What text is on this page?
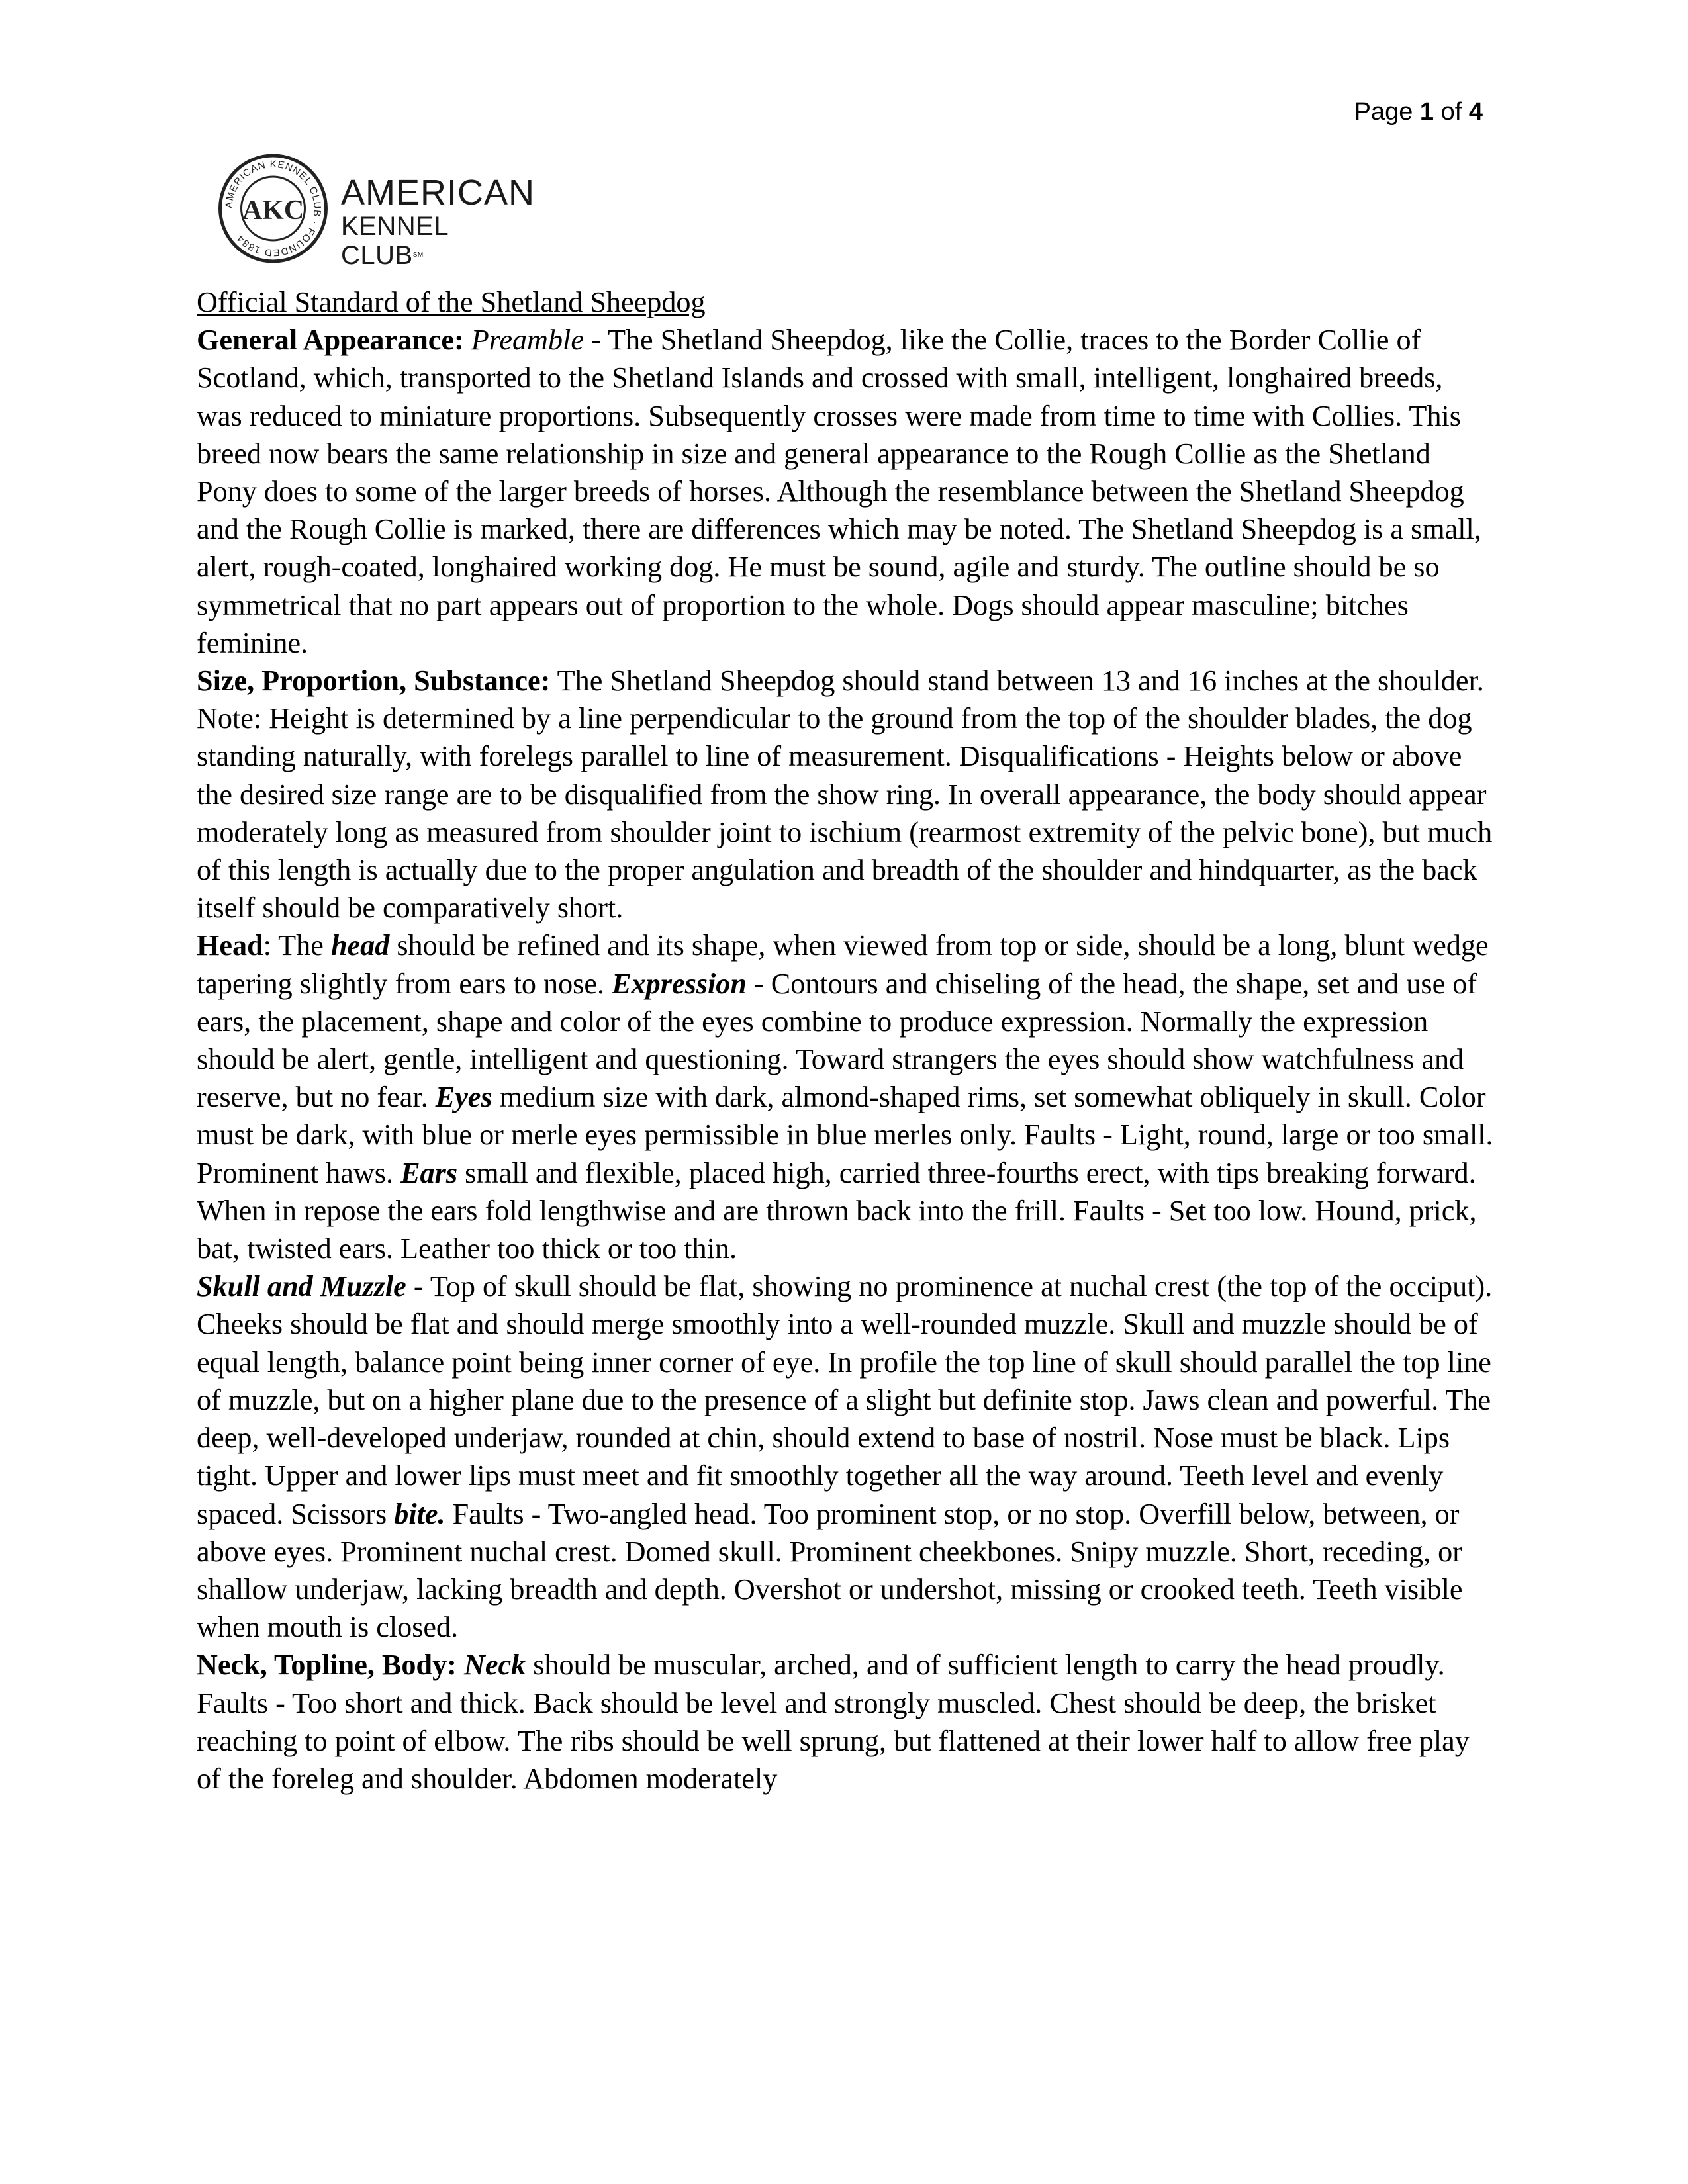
Page 1 of 4
AMERICAN KENNEL CLUB · FOUNDED 1884
AKC AMERICAN
KENNEL CLUB℠

Official Standard of the Shetland Sheepdog

General Appearance: Preamble - The Shetland Sheepdog, like the Collie, traces to the Border Collie of Scotland, which, transported to the Shetland Islands and crossed with small, intelligent, longhaired breeds, was reduced to miniature proportions. Subsequently crosses were made from time to time with Collies. This breed now bears the same relationship in size and general appearance to the Rough Collie as the Shetland Pony does to some of the larger breeds of horses. Although the resemblance between the Shetland Sheepdog and the Rough Collie is marked, there are differences which may be noted. The Shetland Sheepdog is a small, alert, rough-coated, longhaired working dog. He must be sound, agile and sturdy. The outline should be so symmetrical that no part appears out of proportion to the whole. Dogs should appear masculine; bitches feminine.

Size, Proportion, Substance: The Shetland Sheepdog should stand between 13 and 16 inches at the shoulder. Note: Height is determined by a line perpendicular to the ground from the top of the shoulder blades, the dog standing naturally, with forelegs parallel to line of measurement. Disqualifications - Heights below or above the desired size range are to be disqualified from the show ring. In overall appearance, the body should appear moderately long as measured from shoulder joint to ischium (rearmost extremity of the pelvic bone), but much of this length is actually due to the proper angulation and breadth of the shoulder and hindquarter, as the back itself should be comparatively short.

Head: The head should be refined and its shape, when viewed from top or side, should be a long, blunt wedge tapering slightly from ears to nose. Expression - Contours and chiseling of the head, the shape, set and use of ears, the placement, shape and color of the eyes combine to produce expression. Normally the expression should be alert, gentle, intelligent and questioning. Toward strangers the eyes should show watchfulness and reserve, but no fear. Eyes medium size with dark, almond-shaped rims, set somewhat obliquely in skull. Color must be dark, with blue or merle eyes permissible in blue merles only. Faults - Light, round, large or too small. Prominent haws. Ears small and flexible, placed high, carried three-fourths erect, with tips breaking forward. When in repose the ears fold lengthwise and are thrown back into the frill. Faults - Set too low. Hound, prick, bat, twisted ears. Leather too thick or too thin.

Skull and Muzzle - Top of skull should be flat, showing no prominence at nuchal crest (the top of the occiput). Cheeks should be flat and should merge smoothly into a well-rounded muzzle. Skull and muzzle should be of equal length, balance point being inner corner of eye. In profile the top line of skull should parallel the top line of muzzle, but on a higher plane due to the presence of a slight but definite stop. Jaws clean and powerful. The deep, well-developed underjaw, rounded at chin, should extend to base of nostril. Nose must be black. Lips tight. Upper and lower lips must meet and fit smoothly together all the way around. Teeth level and evenly spaced. Scissors bite. Faults - Two-angled head. Too prominent stop, or no stop. Overfill below, between, or above eyes. Prominent nuchal crest. Domed skull. Prominent cheekbones. Snipy muzzle. Short, receding, or shallow underjaw, lacking breadth and depth. Overshot or undershot, missing or crooked teeth. Teeth visible when mouth is closed.

Neck, Topline, Body: Neck should be muscular, arched, and of sufficient length to carry the head proudly. Faults - Too short and thick. Back should be level and strongly muscled. Chest should be deep, the brisket reaching to point of elbow. The ribs should be well sprung, but flattened at their lower half to allow free play of the foreleg and shoulder. Abdomen moderately
